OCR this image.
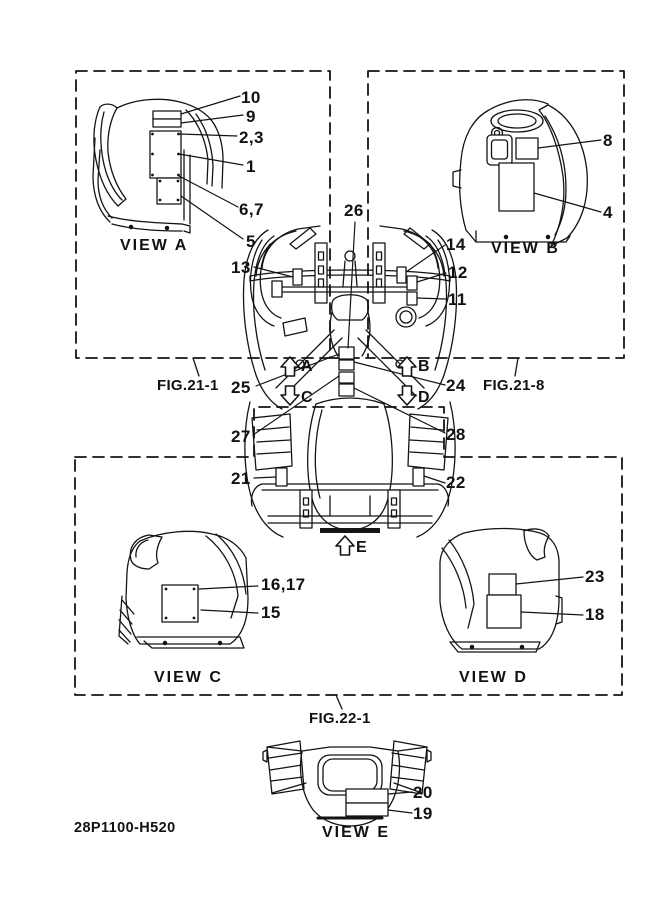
10
9
2,3
1
6,7
5
VIEW A
8
4
VIEW B
26
13
14
12
11
25	24
27	28
21	22
A	B
C	D
E
FIG.21-1	FIG.21-8
FIG.22-1
16,17
15
VIEW C
23
18
VIEW D
20
19
VIEW E
28P1100-H520
